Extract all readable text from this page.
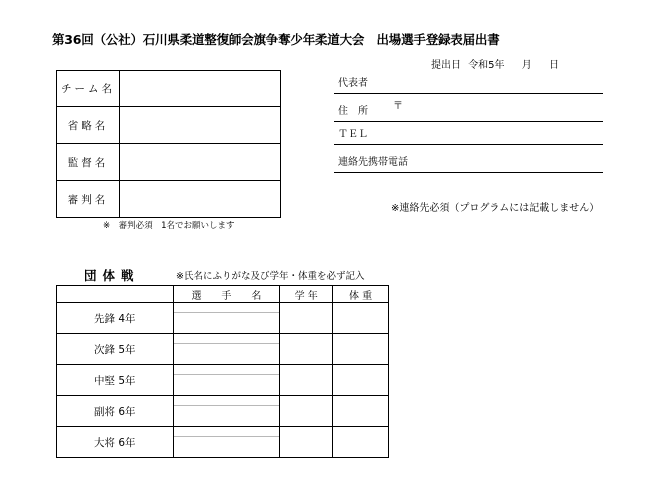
第36回（公社）石川県柔道整復師会旗争奪少年柔道大会　出場選手登録表届出書
提出日 令和5年 月 日
チーム名	
省略名	
監督名	
審判名	
代表者
住　所	〒
ＴＥＬ
連絡先携帯電話
※連絡先必須（プログラムには記載しません）
※　審判必須　1名でお願いします
団体戦	※氏名にふりがな及び学年・体重を必ず記入
	選　　手　　名	学 年	体 重
先鋒 4年	

次鋒 5年	

中堅 5年	

副将 6年	

大将 6年	
